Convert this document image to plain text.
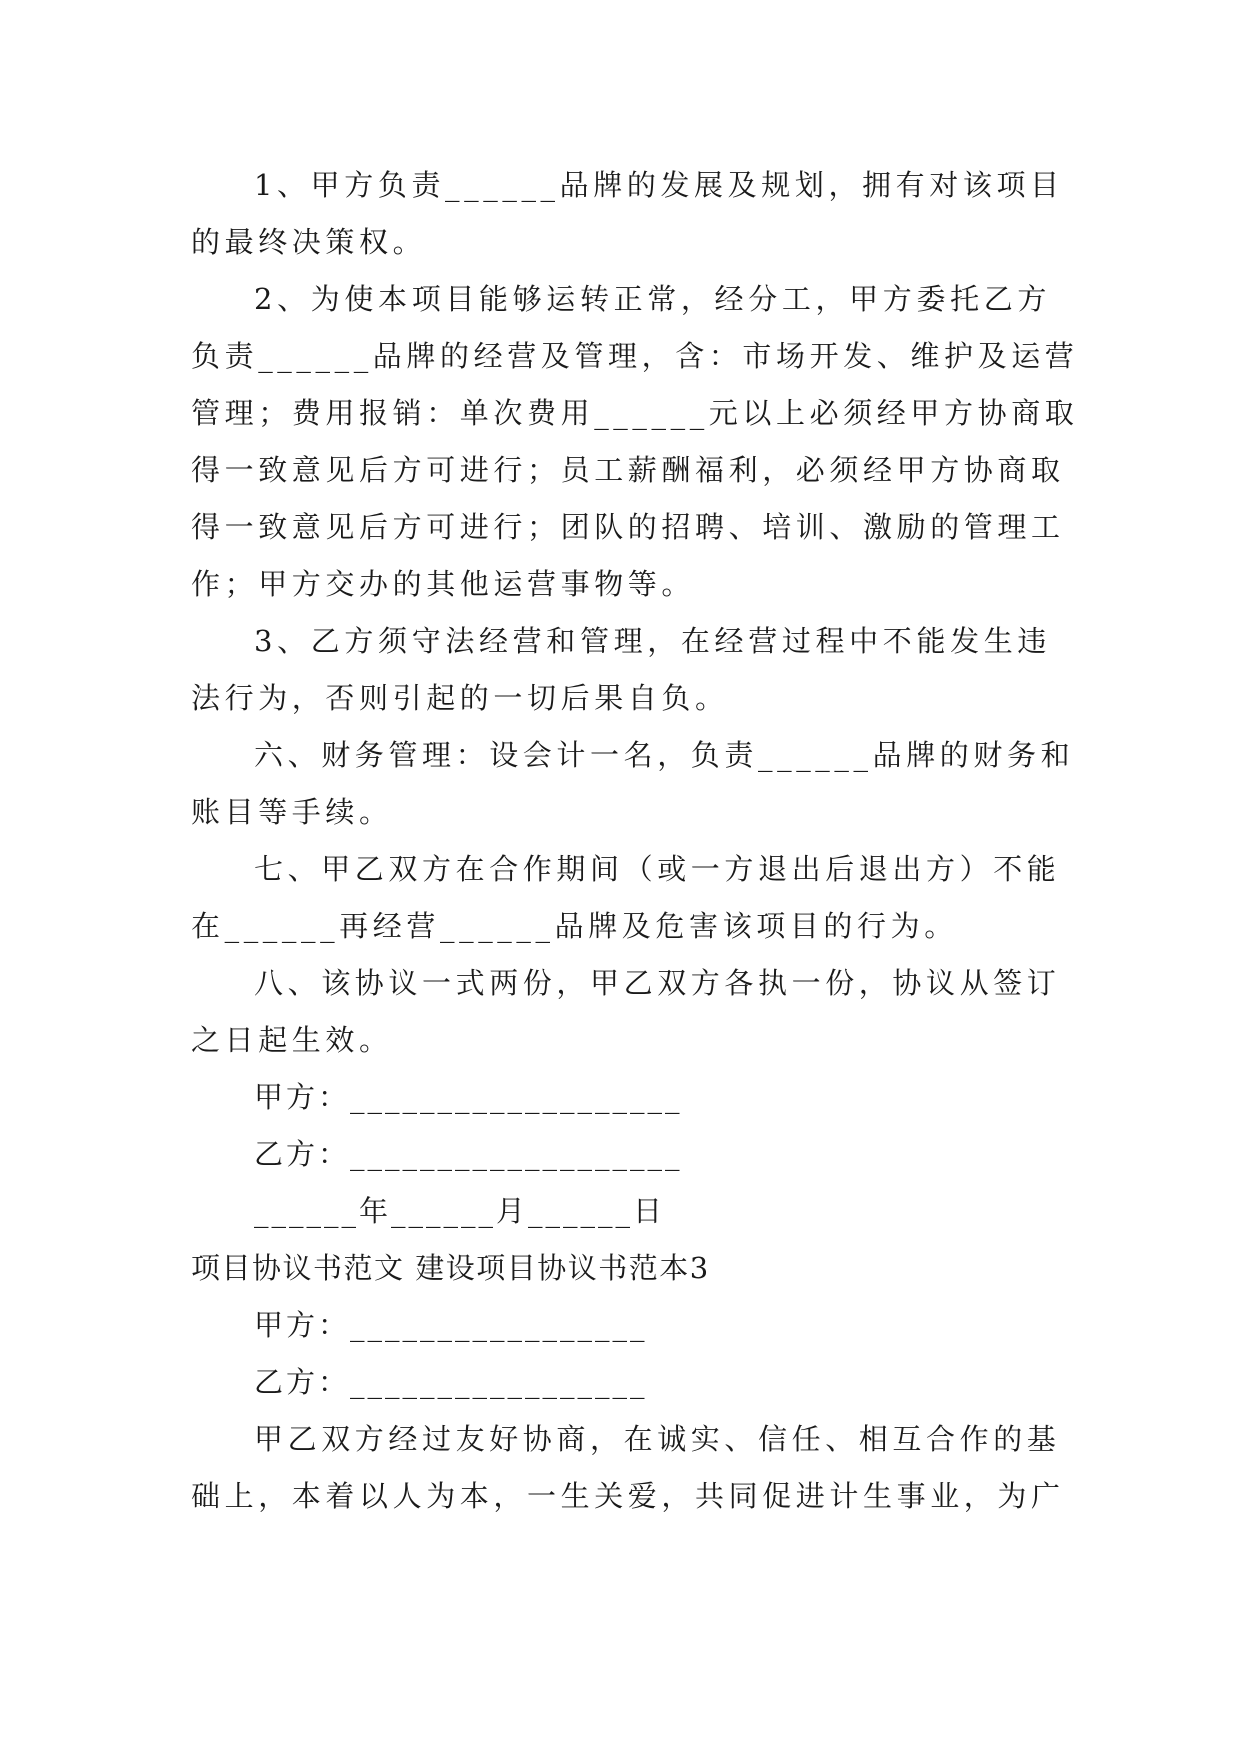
1、甲方负责______品牌的发展及规划，拥有对该项目
的最终决策权。
2、为使本项目能够运转正常，经分工，甲方委托乙方
负责______品牌的经营及管理，含：市场开发、维护及运营
管理；费用报销：单次费用______元以上必须经甲方协商取
得一致意见后方可进行；员工薪酬福利，必须经甲方协商取
得一致意见后方可进行；团队的招聘、培训、激励的管理工
作；甲方交办的其他运营事物等。
3、乙方须守法经营和管理，在经营过程中不能发生违
法行为，否则引起的一切后果自负。
六、财务管理：设会计一名，负责______品牌的财务和
账目等手续。
七、甲乙双方在合作期间（或一方退出后退出方）不能
在______再经营______品牌及危害该项目的行为。
八、该协议一式两份，甲乙双方各执一份，协议从签订
之日起生效。
甲方：___________________
乙方：___________________
______年______月______日
项目协议书范文 建设项目协议书范本3
甲方：_________________
乙方：_________________
甲乙双方经过友好协商，在诚实、信任、相互合作的基
础上，本着以人为本，一生关爱，共同促进计生事业，为广
